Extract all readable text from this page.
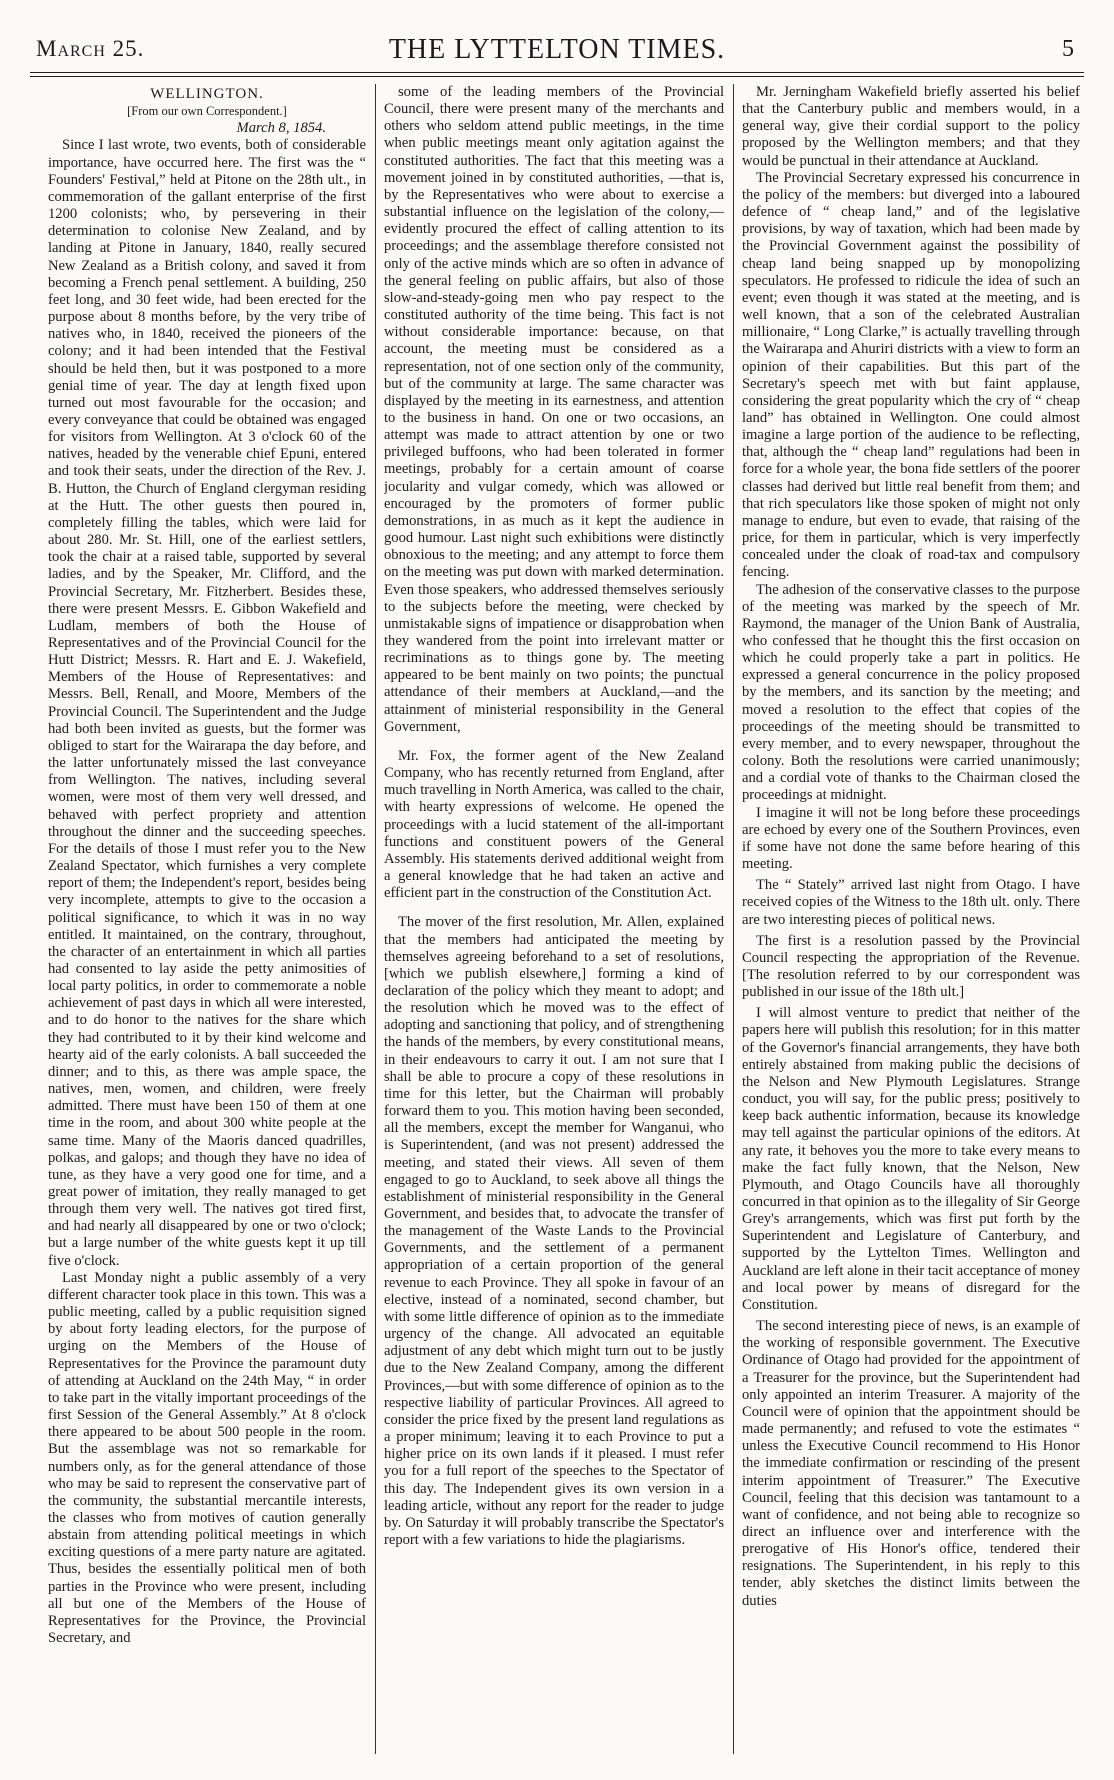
March 25.	THE LYTTELTON TIMES.	5

WELLINGTON.

[From our own Correspondent.]

March 8, 1854.

Since I last wrote, two events, both of considerable importance, have occurred here. The first was the “ Founders' Festival,” held at Pitone on the 28th ult., in commemoration of the gallant enterprise of the first 1200 colonists; who, by persevering in their determination to colonise New Zealand, and by landing at Pitone in January, 1840, really secured New Zealand as a British colony, and saved it from becoming a French penal settlement. A building, 250 feet long, and 30 feet wide, had been erected for the purpose about 8 months before, by the very tribe of natives who, in 1840, received the pioneers of the colony; and it had been intended that the Festival should be held then, but it was postponed to a more genial time of year. The day at length fixed upon turned out most favourable for the occasion; and every conveyance that could be obtained was engaged for visitors from Wellington. At 3 o'clock 60 of the natives, headed by the venerable chief Epuni, entered and took their seats, under the direction of the Rev. J. B. Hutton, the Church of England clergyman residing at the Hutt. The other guests then poured in, completely filling the tables, which were laid for about 280. Mr. St. Hill, one of the earliest settlers, took the chair at a raised table, supported by several ladies, and by the Speaker, Mr. Clifford, and the Provincial Secretary, Mr. Fitzherbert. Besides these, there were present Messrs. E. Gibbon Wakefield and Ludlam, members of both the House of Representatives and of the Provincial Council for the Hutt District; Messrs. R. Hart and E. J. Wakefield, Members of the House of Representatives: and Messrs. Bell, Renall, and Moore, Members of the Provincial Council. The Superintendent and the Judge had both been invited as guests, but the former was obliged to start for the Wairarapa the day before, and the latter unfortunately missed the last conveyance from Wellington. The natives, including several women, were most of them very well dressed, and behaved with perfect propriety and attention throughout the dinner and the succeeding speeches. For the details of those I must refer you to the New Zealand Spectator, which furnishes a very complete report of them; the Independent's report, besides being very incomplete, attempts to give to the occasion a political significance, to which it was in no way entitled. It maintained, on the contrary, throughout, the character of an entertainment in which all parties had consented to lay aside the petty animosities of local party politics, in order to commemorate a noble achievement of past days in which all were interested, and to do honor to the natives for the share which they had contributed to it by their kind welcome and hearty aid of the early colonists. A ball succeeded the dinner; and to this, as there was ample space, the natives, men, women, and children, were freely admitted. There must have been 150 of them at one time in the room, and about 300 white people at the same time. Many of the Maoris danced quadrilles, polkas, and galops; and though they have no idea of tune, as they have a very good one for time, and a great power of imitation, they really managed to get through them very well. The natives got tired first, and had nearly all disappeared by one or two o'clock; but a large number of the white guests kept it up till five o'clock.

Last Monday night a public assembly of a very different character took place in this town. This was a public meeting, called by a public requisition signed by about forty leading electors, for the purpose of urging on the Members of the House of Representatives for the Province the paramount duty of attending at Auckland on the 24th May, “ in order to take part in the vitally important proceedings of the first Session of the General Assembly.” At 8 o'clock there appeared to be about 500 people in the room. But the assemblage was not so remarkable for numbers only, as for the general attendance of those who may be said to represent the conservative part of the community, the substantial mercantile interests, the classes who from motives of caution generally abstain from attending political meetings in which exciting questions of a mere party nature are agitated. Thus, besides the essentially political men of both parties in the Province who were present, including all but one of the Members of the House of Representatives for the Province, the Provincial Secretary, and

some of the leading members of the Provincial Council, there were present many of the merchants and others who seldom attend public meetings, in the time when public meetings meant only agitation against the constituted authorities. The fact that this meeting was a movement joined in by constituted authorities, —that is, by the Representatives who were about to exercise a substantial influence on the legislation of the colony,—evidently procured the effect of calling attention to its proceedings; and the assemblage therefore consisted not only of the active minds which are so often in advance of the general feeling on public affairs, but also of those slow-and-steady-going men who pay respect to the constituted authority of the time being. This fact is not without considerable importance: because, on that account, the meeting must be considered as a representation, not of one section only of the community, but of the community at large. The same character was displayed by the meeting in its earnestness, and attention to the business in hand. On one or two occasions, an attempt was made to attract attention by one or two privileged buffoons, who had been tolerated in former meetings, probably for a certain amount of coarse jocularity and vulgar comedy, which was allowed or encouraged by the promoters of former public demonstrations, in as much as it kept the audience in good humour. Last night such exhibitions were distinctly obnoxious to the meeting; and any attempt to force them on the meeting was put down with marked determination. Even those speakers, who addressed themselves seriously to the subjects before the meeting, were checked by unmistakable signs of impatience or disapprobation when they wandered from the point into irrelevant matter or recriminations as to things gone by. The meeting appeared to be bent mainly on two points; the punctual attendance of their members at Auckland,—and the attainment of ministerial responsibility in the General Government,

Mr. Fox, the former agent of the New Zealand Company, who has recently returned from England, after much travelling in North America, was called to the chair, with hearty expressions of welcome. He opened the proceedings with a lucid statement of the all-important functions and constituent powers of the General Assembly. His statements derived additional weight from a general knowledge that he had taken an active and efficient part in the construction of the Constitution Act.

The mover of the first resolution, Mr. Allen, explained that the members had anticipated the meeting by themselves agreeing beforehand to a set of resolutions, [which we publish elsewhere,] forming a kind of declaration of the policy which they meant to adopt; and the resolution which he moved was to the effect of adopting and sanctioning that policy, and of strengthening the hands of the members, by every constitutional means, in their endeavours to carry it out. I am not sure that I shall be able to procure a copy of these resolutions in time for this letter, but the Chairman will probably forward them to you. This motion having been seconded, all the members, except the member for Wanganui, who is Superintendent, (and was not present) addressed the meeting, and stated their views. All seven of them engaged to go to Auckland, to seek above all things the establishment of ministerial responsibility in the General Government, and besides that, to advocate the transfer of the management of the Waste Lands to the Provincial Governments, and the settlement of a permanent appropriation of a certain proportion of the general revenue to each Province. They all spoke in favour of an elective, instead of a nominated, second chamber, but with some little difference of opinion as to the immediate urgency of the change. All advocated an equitable adjustment of any debt which might turn out to be justly due to the New Zealand Company, among the different Provinces,—but with some difference of opinion as to the respective liability of particular Provinces. All agreed to consider the price fixed by the present land regulations as a proper minimum; leaving it to each Province to put a higher price on its own lands if it pleased. I must refer you for a full report of the speeches to the Spectator of this day. The Independent gives its own version in a leading article, without any report for the reader to judge by. On Saturday it will probably transcribe the Spectator's report with a few variations to hide the plagiarisms.

Mr. Jerningham Wakefield briefly asserted his belief that the Canterbury public and members would, in a general way, give their cordial support to the policy proposed by the Wellington members; and that they would be punctual in their attendance at Auckland.

The Provincial Secretary expressed his concurrence in the policy of the members: but diverged into a laboured defence of “ cheap land,” and of the legislative provisions, by way of taxation, which had been made by the Provincial Government against the possibility of cheap land being snapped up by monopolizing speculators. He professed to ridicule the idea of such an event; even though it was stated at the meeting, and is well known, that a son of the celebrated Australian millionaire, “ Long Clarke,” is actually travelling through the Wairarapa and Ahuriri districts with a view to form an opinion of their capabilities. But this part of the Secretary's speech met with but faint applause, considering the great popularity which the cry of “ cheap land” has obtained in Wellington. One could almost imagine a large portion of the audience to be reflecting, that, although the “ cheap land” regulations had been in force for a whole year, the bona fide settlers of the poorer classes had derived but little real benefit from them; and that rich speculators like those spoken of might not only manage to endure, but even to evade, that raising of the price, for them in particular, which is very imperfectly concealed under the cloak of road-tax and compulsory fencing.

The adhesion of the conservative classes to the purpose of the meeting was marked by the speech of Mr. Raymond, the manager of the Union Bank of Australia, who confessed that he thought this the first occasion on which he could properly take a part in politics. He expressed a general concurrence in the policy proposed by the members, and its sanction by the meeting; and moved a resolution to the effect that copies of the proceedings of the meeting should be transmitted to every member, and to every newspaper, throughout the colony. Both the resolutions were carried unanimously; and a cordial vote of thanks to the Chairman closed the proceedings at midnight.

I imagine it will not be long before these proceedings are echoed by every one of the Southern Provinces, even if some have not done the same before hearing of this meeting.

The “ Stately” arrived last night from Otago. I have received copies of the Witness to the 18th ult. only. There are two interesting pieces of political news.

The first is a resolution passed by the Provincial Council respecting the appropriation of the Revenue. [The resolution referred to by our correspondent was published in our issue of the 18th ult.]

I will almost venture to predict that neither of the papers here will publish this resolution; for in this matter of the Governor's financial arrangements, they have both entirely abstained from making public the decisions of the Nelson and New Plymouth Legislatures. Strange conduct, you will say, for the public press; positively to keep back authentic information, because its knowledge may tell against the particular opinions of the editors. At any rate, it behoves you the more to take every means to make the fact fully known, that the Nelson, New Plymouth, and Otago Councils have all thoroughly concurred in that opinion as to the illegality of Sir George Grey's arrangements, which was first put forth by the Superintendent and Legislature of Canterbury, and supported by the Lyttelton Times. Wellington and Auckland are left alone in their tacit acceptance of money and local power by means of disregard for the Constitution.

The second interesting piece of news, is an example of the working of responsible government. The Executive Ordinance of Otago had provided for the appointment of a Treasurer for the province, but the Superintendent had only appointed an interim Treasurer. A majority of the Council were of opinion that the appointment should be made permanently; and refused to vote the estimates “ unless the Executive Council recommend to His Honor the immediate confirmation or rescinding of the present interim appointment of Treasurer.” The Executive Council, feeling that this decision was tantamount to a want of confidence, and not being able to recognize so direct an influence over and interference with the prerogative of His Honor's office, tendered their resignations. The Superintendent, in his reply to this tender, ably sketches the distinct limits between the duties
